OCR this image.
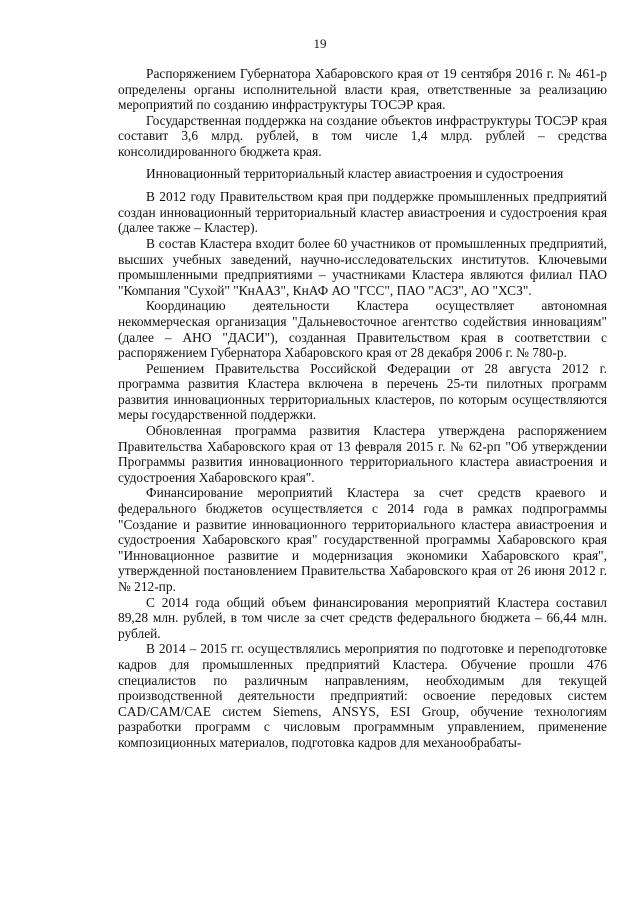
19

Распоряжением Губернатора Хабаровского края от 19 сентября 2016 г. № 461-р определены органы исполнительной власти края, ответственные за реализацию мероприятий по созданию инфраструктуры ТОСЭР края.

Государственная поддержка на создание объектов инфраструктуры ТОСЭР края составит 3,6 млрд. рублей, в том числе 1,4 млрд. рублей – средства консолидированного бюджета края.

Инновационный территориальный кластер авиастроения и судостроения

В 2012 году Правительством края при поддержке промышленных предприятий создан инновационный территориальный кластер авиастроения и судостроения края (далее также – Кластер).

В состав Кластера входит более 60 участников от промышленных предприятий, высших учебных заведений, научно-исследовательских институтов. Ключевыми промышленными предприятиями – участниками Кластера являются филиал ПАО "Компания "Сухой" "КнААЗ", КнАФ АО "ГСС", ПАО "АСЗ", АО "ХСЗ".

Координацию деятельности Кластера осуществляет автономная некоммерческая организация "Дальневосточное агентство содействия инновациям" (далее – АНО "ДАСИ"), созданная Правительством края в соответствии с распоряжением Губернатора Хабаровского края от 28 декабря 2006 г. № 780-р.

Решением Правительства Российской Федерации от 28 августа 2012 г. программа развития Кластера включена в перечень 25-ти пилотных программ развития инновационных территориальных кластеров, по которым осуществляются меры государственной поддержки.

Обновленная программа развития Кластера утверждена распоряжением Правительства Хабаровского края от 13 февраля 2015 г. № 62-рп "Об утверждении Программы развития инновационного территориального кластера авиастроения и судостроения Хабаровского края".

Финансирование мероприятий Кластера за счет средств краевого и федерального бюджетов осуществляется с 2014 года в рамках подпрограммы "Создание и развитие инновационного территориального кластера авиастроения и судостроения Хабаровского края" государственной программы Хабаровского края "Инновационное развитие и модернизация экономики Хабаровского края", утвержденной постановлением Правительства Хабаровского края от 26 июня 2012 г. № 212-пр.

С 2014 года общий объем финансирования мероприятий Кластера составил 89,28 млн. рублей, в том числе за счет средств федерального бюджета – 66,44 млн. рублей.

В 2014 – 2015 гг. осуществлялись мероприятия по подготовке и переподготовке кадров для промышленных предприятий Кластера. Обучение прошли 476 специалистов по различным направлениям, необходимым для текущей производственной деятельности предприятий: освоение передовых систем CAD/CAM/CAE систем Siemens, ANSYS, ESI Group, обучение технологиям разработки программ с числовым программным управлением, применение композиционных материалов, подготовка кадров для механообрабаты-
